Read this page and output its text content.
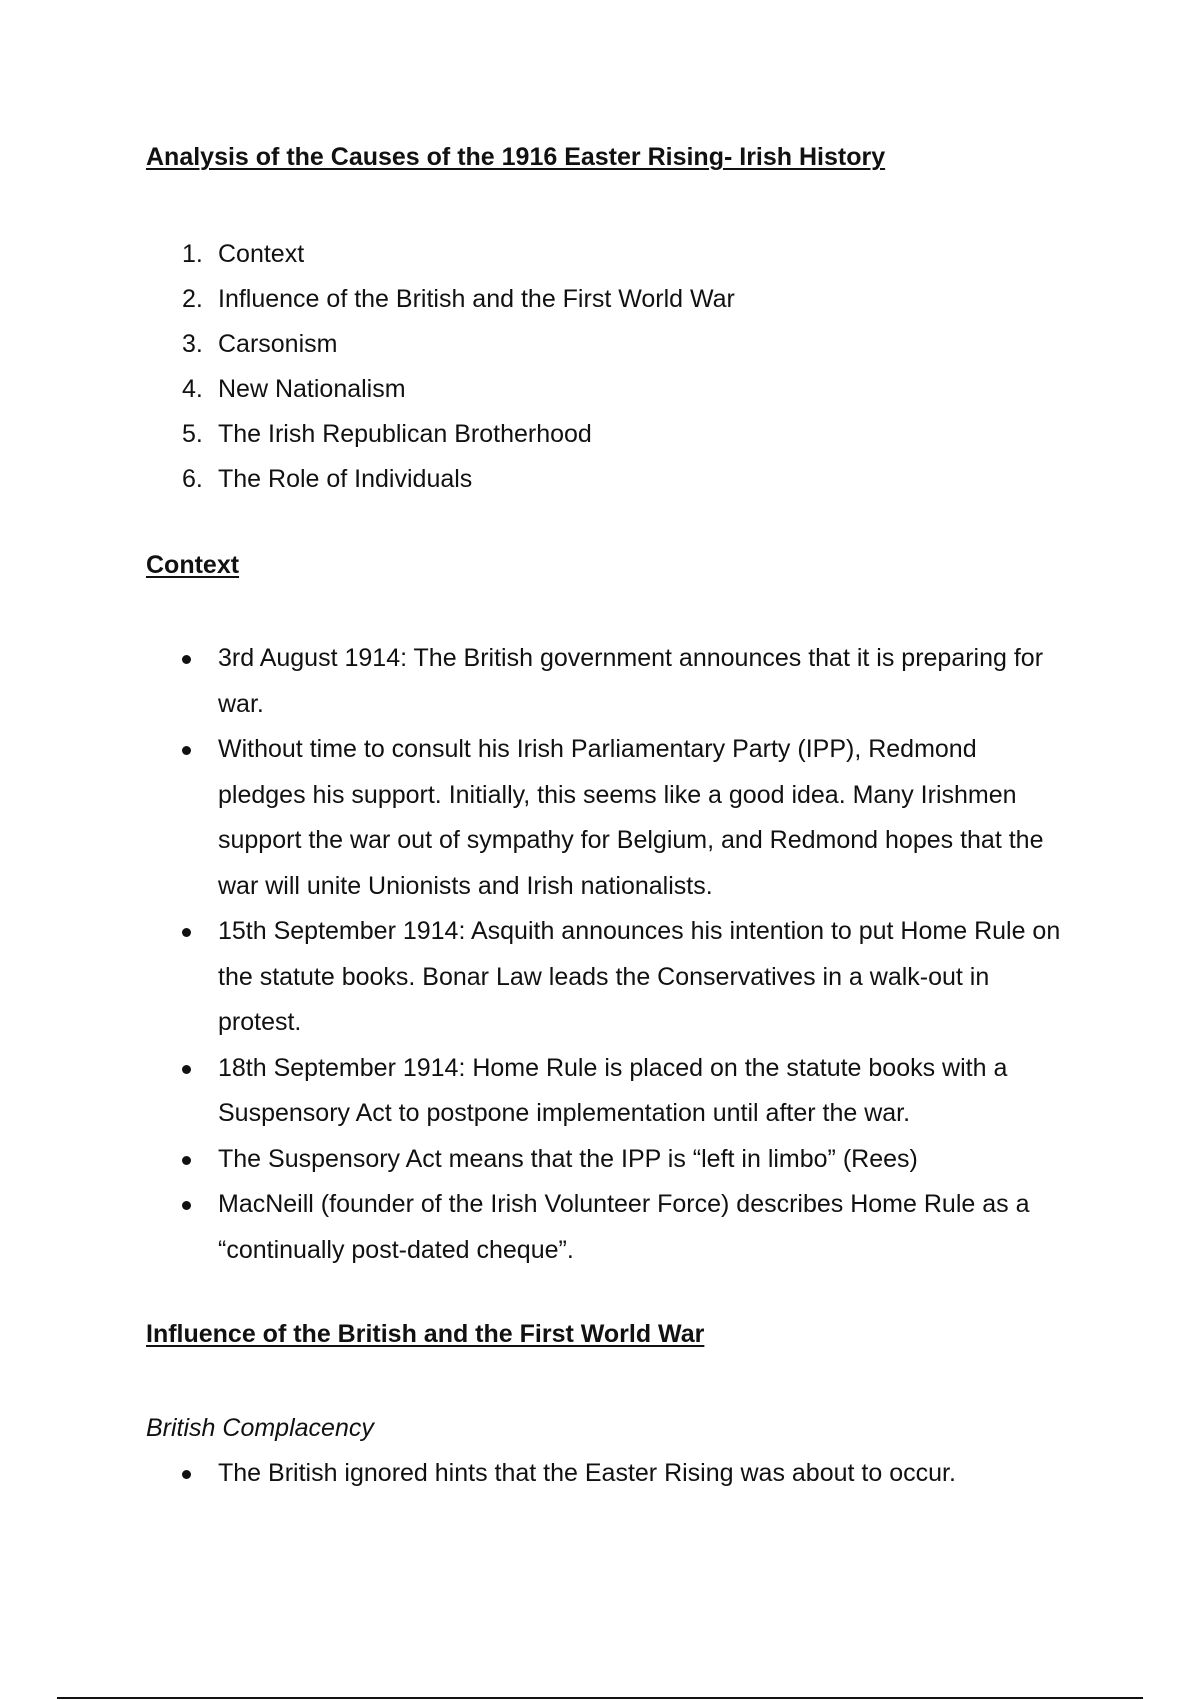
Analysis of the Causes of the 1916 Easter Rising- Irish History
1. Context
2. Influence of the British and the First World War
3. Carsonism
4. New Nationalism
5. The Irish Republican Brotherhood
6. The Role of Individuals
Context
3rd August 1914: The British government announces that it is preparing for war.
Without time to consult his Irish Parliamentary Party (IPP), Redmond pledges his support. Initially, this seems like a good idea. Many Irishmen support the war out of sympathy for Belgium, and Redmond hopes that the war will unite Unionists and Irish nationalists.
15th September 1914: Asquith announces his intention to put Home Rule on the statute books. Bonar Law leads the Conservatives in a walk-out in protest.
18th September 1914: Home Rule is placed on the statute books with a Suspensory Act to postpone implementation until after the war.
The Suspensory Act means that the IPP is “left in limbo” (Rees)
MacNeill (founder of the Irish Volunteer Force) describes Home Rule as a “continually post-dated cheque”.
Influence of the British and the First World War
British Complacency
The British ignored hints that the Easter Rising was about to occur.
